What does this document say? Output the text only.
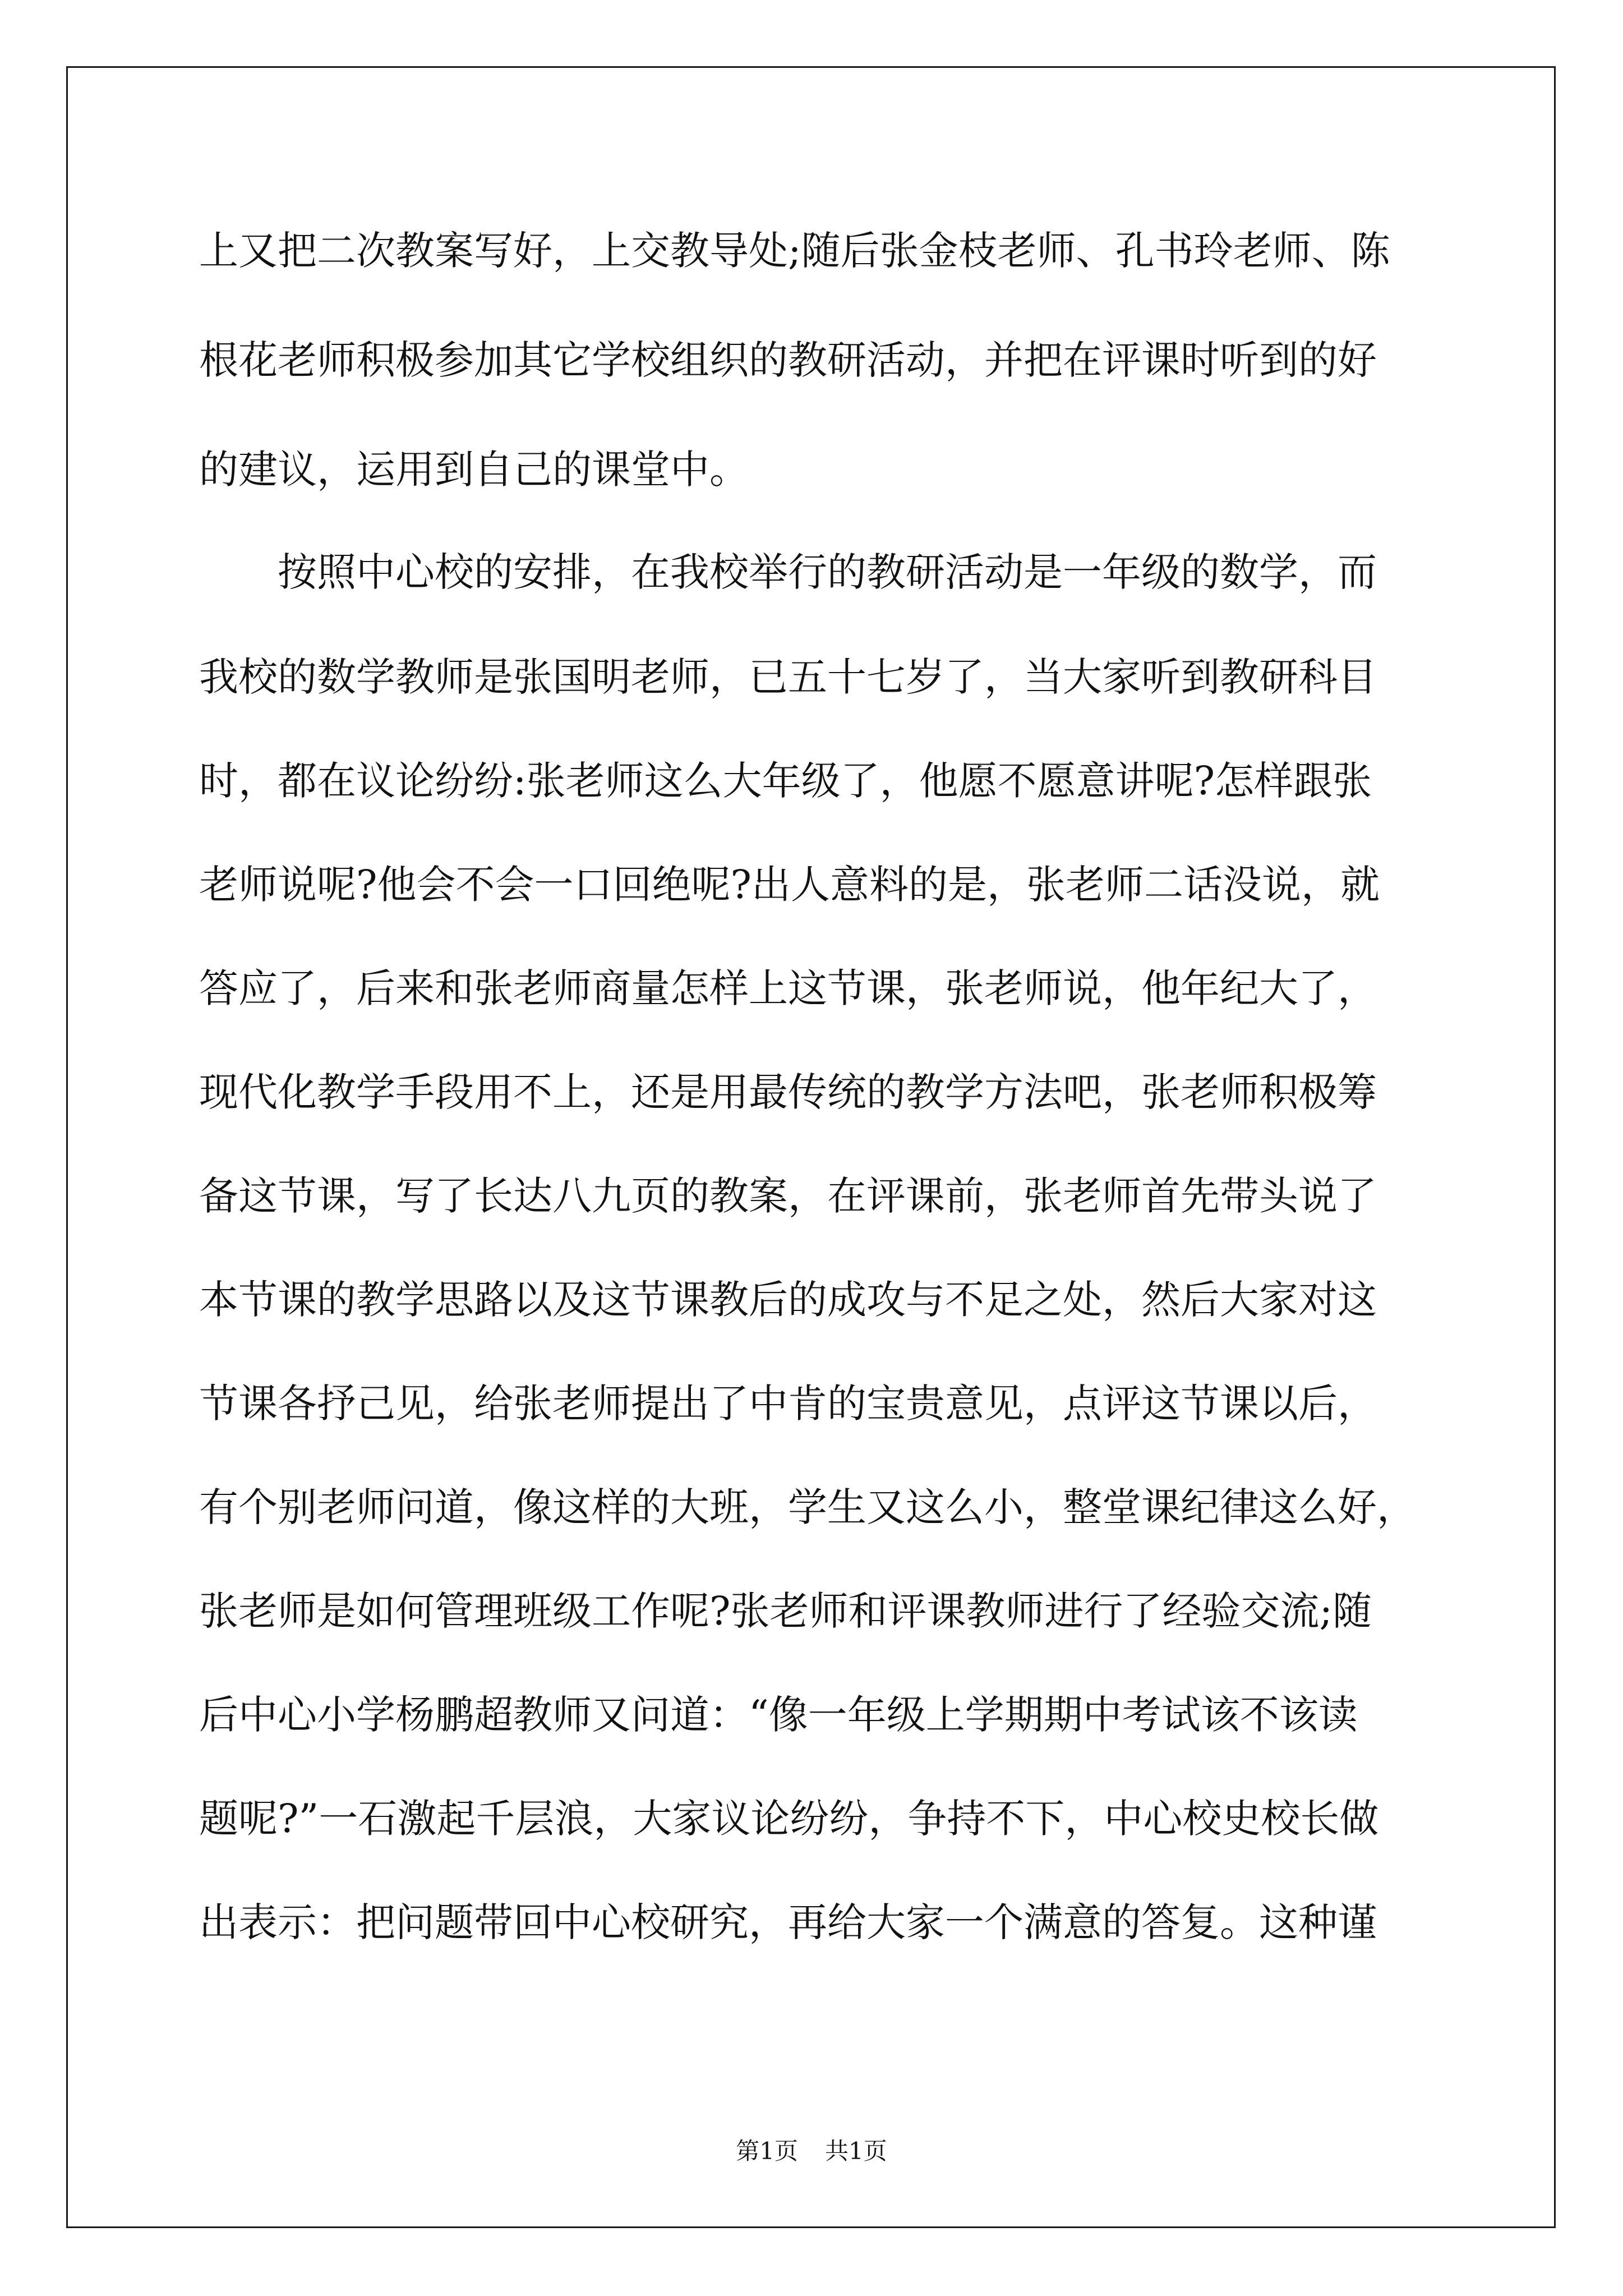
上又把二次教案写好，上交教导处;随后张金枝老师、孔书玲老师、陈
根花老师积极参加其它学校组织的教研活动，并把在评课时听到的好
的建议，运用到自己的课堂中。
按照中心校的安排，在我校举行的教研活动是一年级的数学，而
我校的数学教师是张国明老师，已五十七岁了，当大家听到教研科目
时，都在议论纷纷:张老师这么大年级了，他愿不愿意讲呢?怎样跟张
老师说呢?他会不会一口回绝呢?出人意料的是，张老师二话没说，就
答应了，后来和张老师商量怎样上这节课，张老师说，他年纪大了，
现代化教学手段用不上，还是用最传统的教学方法吧，张老师积极筹
备这节课，写了长达八九页的教案，在评课前，张老师首先带头说了
本节课的教学思路以及这节课教后的成攻与不足之处，然后大家对这
节课各抒己见，给张老师提出了中肯的宝贵意见，点评这节课以后，
有个别老师问道，像这样的大班，学生又这么小，整堂课纪律这么好，
张老师是如何管理班级工作呢?张老师和评课教师进行了经验交流;随
后中心小学杨鹏超教师又问道：“像一年级上学期期中考试该不该读
题呢?”一石激起千层浪，大家议论纷纷，争持不下，中心校史校长做
出表示：把问题带回中心校研究，再给大家一个满意的答复。这种谨
第1页 共1页
